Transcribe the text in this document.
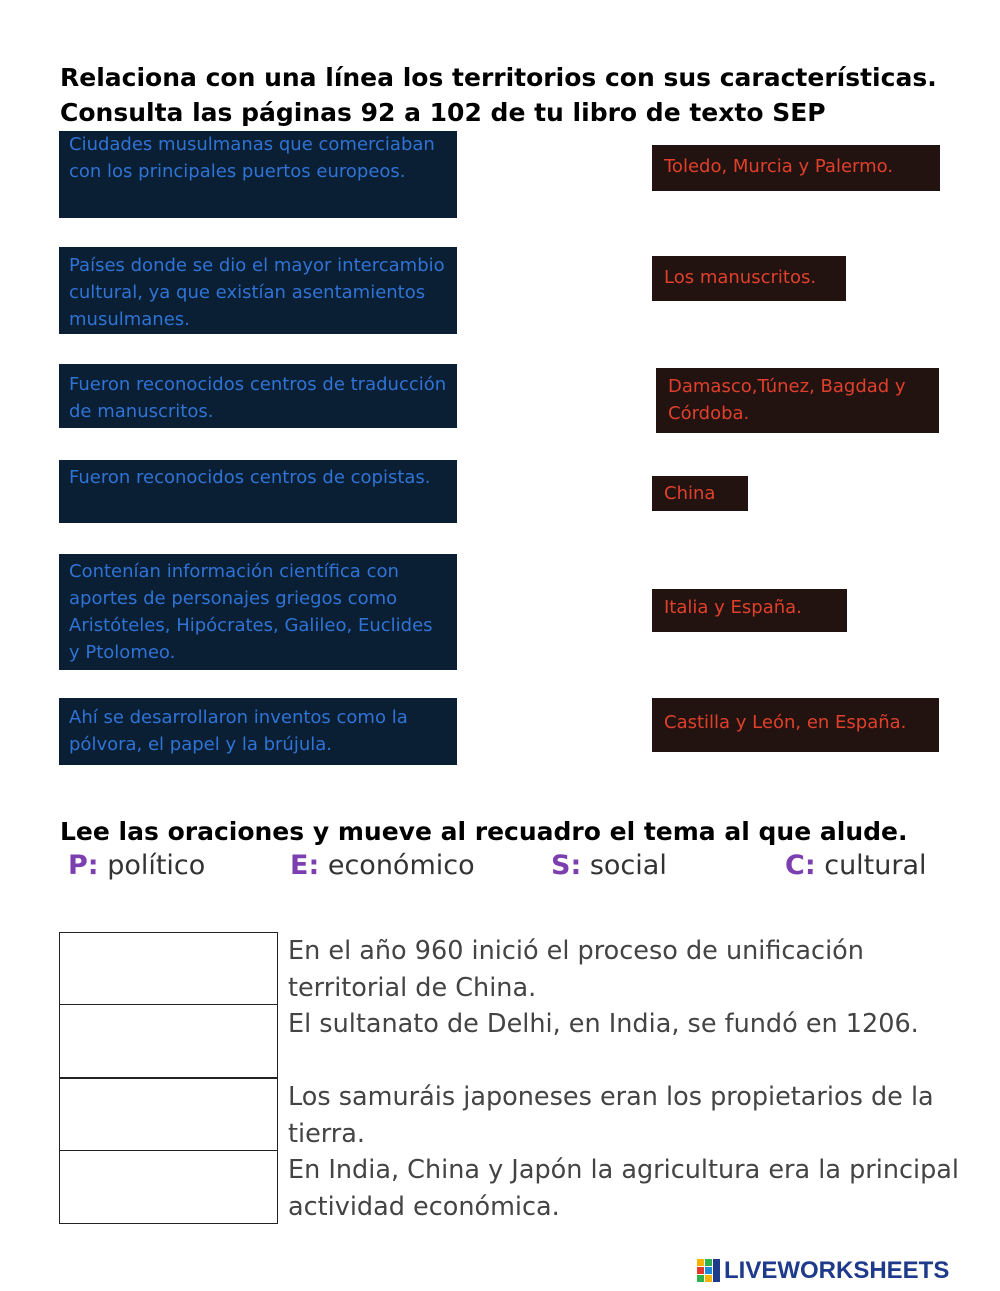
Relaciona con una línea los territorios con sus características.
Consulta las páginas 92 a 102 de tu libro de texto SEP
Ciudades musulmanas que comerciaban con los principales puertos europeos.
Países donde se dio el mayor intercambio cultural, ya que existían asentamientos musulmanes.
Fueron reconocidos centros de traducción de manuscritos.
Fueron reconocidos centros de copistas.
Contenían información científica con aportes de personajes griegos como Aristóteles, Hipócrates, Galileo, Euclides y Ptolomeo.
Ahí se desarrollaron inventos como la pólvora, el papel y la brújula.
Toledo, Murcia y Palermo.
Los manuscritos.
Damasco,Túnez, Bagdad y Córdoba.
China
Italia y España.
Castilla y León, en España.
Lee las oraciones y mueve al recuadro el tema al que alude.
P: político	E: económico	S: social	C: cultural
En el año 960 inició el proceso de unificación territorial de China.
El sultanato de Delhi, en India, se fundó en 1206.
Los samuráis japoneses eran los propietarios de la tierra.
En India, China y Japón la agricultura era la principal actividad económica.
LIVEWORKSHEETS
